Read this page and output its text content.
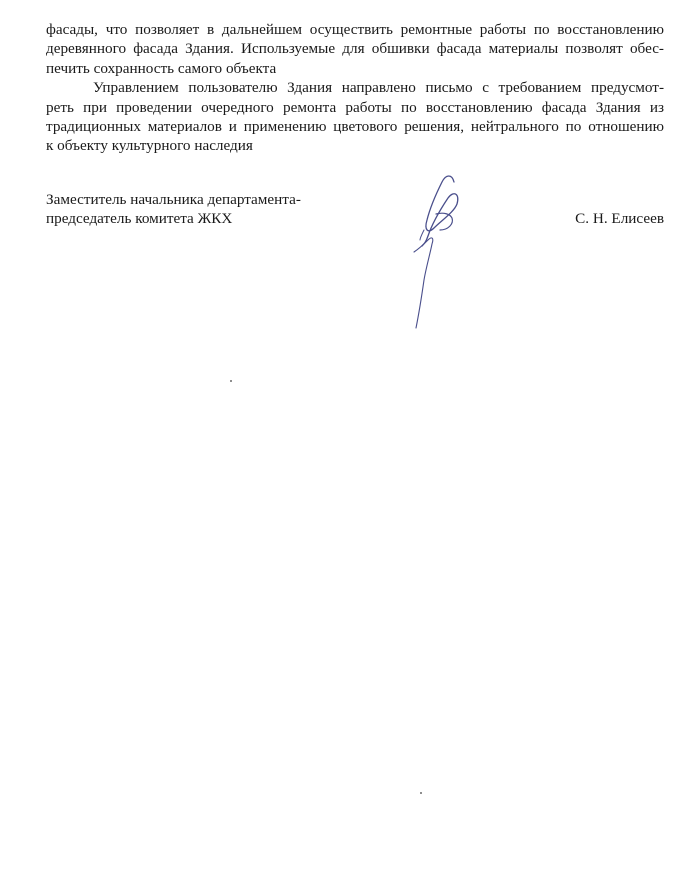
фасады, что позволяет в дальнейшем осуществить ремонтные работы по восстановлению
деревянного фасада Здания. Используемые для обшивки фасада материалы позволят обес-
печить сохранность самого объекта

Управлением пользователю Здания направлено письмо с требованием предусмот-
реть при проведении очередного ремонта работы по восстановлению фасада Здания из
традиционных материалов и применению цветового решения, нейтрального по отношению
к объекту культурного наследия

Заместитель начальника департамента-
председатель комитета ЖКХ	С. Н. Елисеев
